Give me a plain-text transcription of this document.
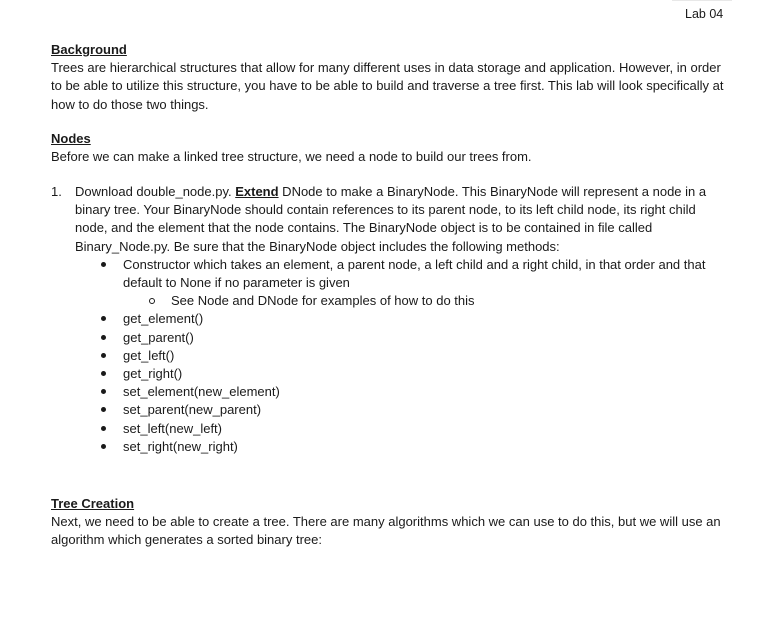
Lab 04
Background

Trees are hierarchical structures that allow for many different uses in data storage and application. However, in order to be able to utilize this structure, you have to be able to build and traverse a tree first. This lab will look specifically at how to do those two things.

Nodes

Before we can make a linked tree structure, we need a node to build our trees from.

1. Download double_node.py. Extend DNode to make a BinaryNode. This BinaryNode will represent a node in a binary tree. Your BinaryNode should contain references to its parent node, to its left child node, its right child node, and the element that the node contains. The BinaryNode object is to be contained in file called Binary_Node.py. Be sure that the BinaryNode object includes the following methods:

Constructor which takes an element, a parent node, a left child and a right child, in that order and that default to None if no parameter is given
See Node and DNode for examples of how to do this
get_element()
get_parent()
get_left()
get_right()
set_element(new_element)
set_parent(new_parent)
set_left(new_left)
set_right(new_right)
Tree Creation

Next, we need to be able to create a tree. There are many algorithms which we can use to do this, but we will use an algorithm which generates a sorted binary tree:
